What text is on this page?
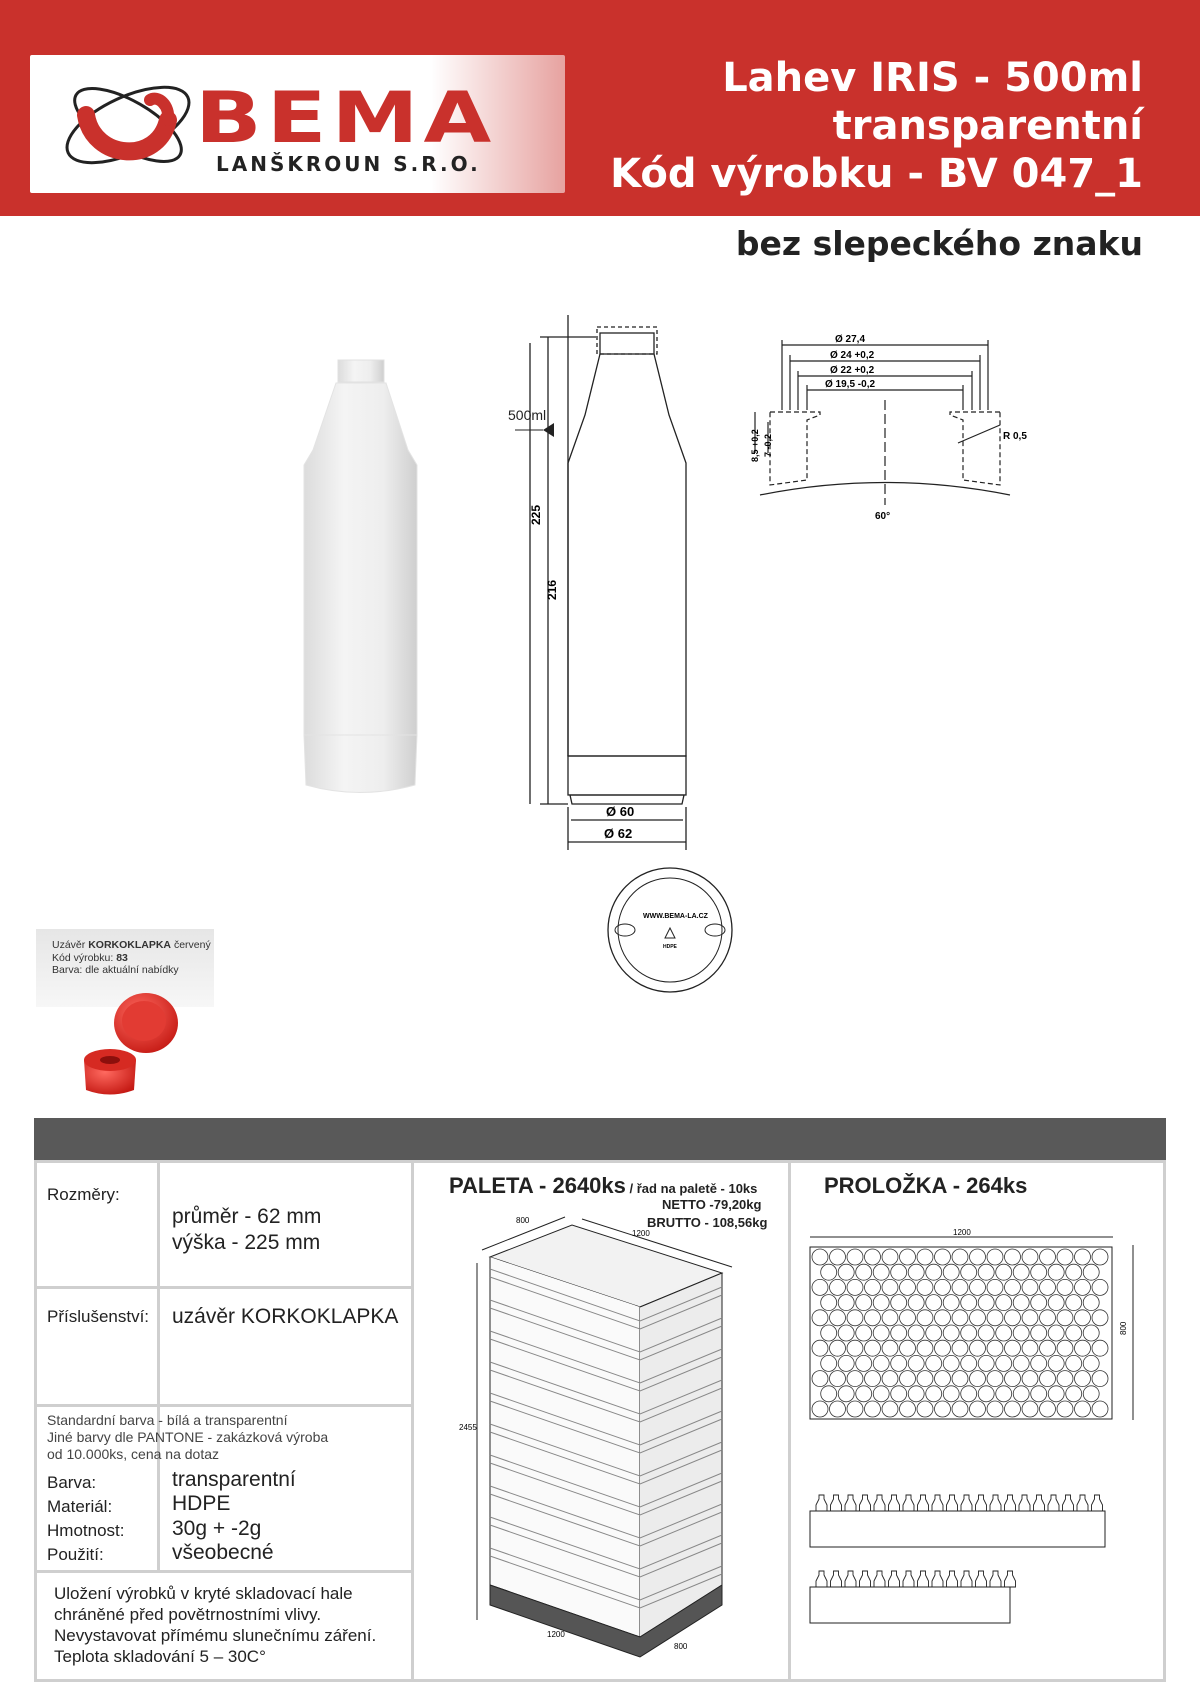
BEMA
LANŠKROUN S.R.O.
Lahev IRIS - 500ml
transparentní
Kód výrobku - BV 047_1
bez slepeckého znaku
500ml
225
216
Ø 60
Ø 62
Ø 27,4
Ø 24 +0,2
Ø 22 +0,2
Ø 19,5 -0,2
8,5 +0,2 7 -0,2	R 0,5
60°
WWW.BEMA-LA.CZ
HDPE
Uzávěr KORKOKLAPKA červený
Kód výrobku: 83
Barva: dle aktuální nabídky
Rozměry:
průměr - 62 mm
výška - 225 mm
Příslušenství: uzávěr KORKOKLAPKA
Standardní barva - bílá a transparentní
Jiné barvy dle PANTONE - zakázková výroba
od 10.000ks, cena na dotaz
Barva:	transparentní
Materiál:	HDPE
Hmotnost: 30g + -2g
Použití:	všeobecné
Uložení výrobků v kryté skladovací hale
chráněné před povětrnostními vlivy.
Nevystavovat přímému slunečnímu záření.
Teplota skladování 5 – 30C°
PALETA - 2640ks / řad na paletě - 10ks
NETTO -79,20kg
BRUTTO - 108,56kg
800
1200
2455
1200
800
PROLOŽKA - 264ks
1200
800
